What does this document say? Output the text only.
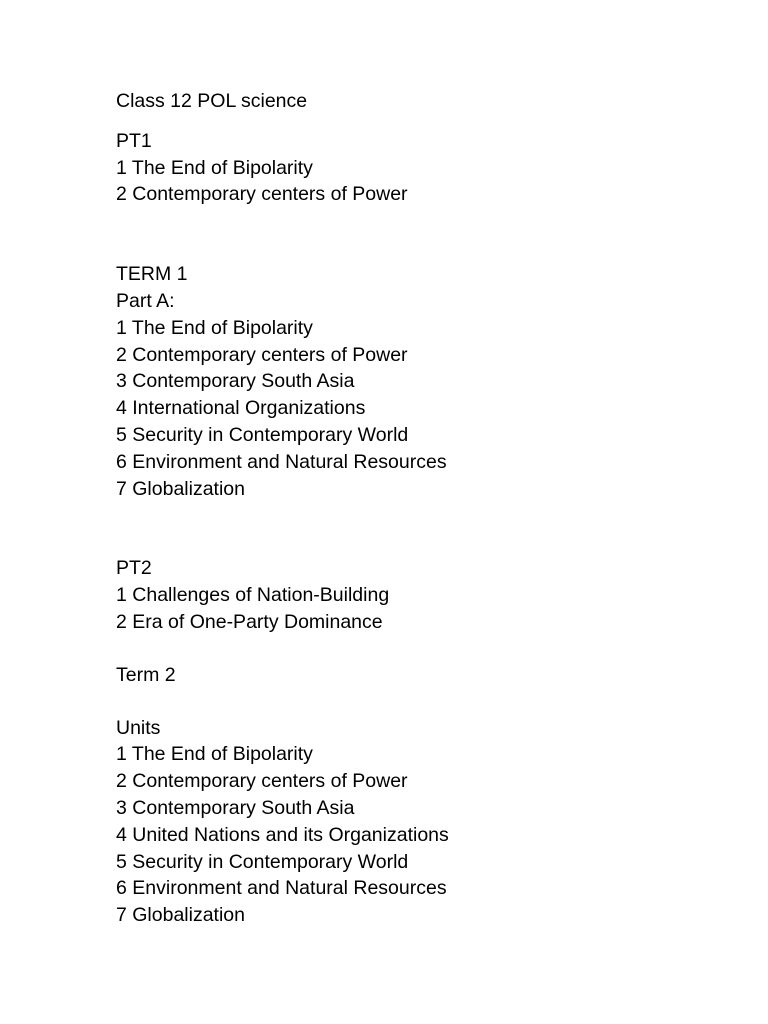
Class 12 POL science
PT1
1 The End of Bipolarity
2 Contemporary centers of Power
TERM 1
Part A:
1 The End of Bipolarity
2 Contemporary centers of Power
3 Contemporary South Asia
4 International Organizations
5 Security in Contemporary World
6 Environment and Natural Resources
7 Globalization
PT2
1 Challenges of Nation-Building
2 Era of One-Party Dominance
Term 2
Units
1 The End of Bipolarity
2 Contemporary centers of Power
3 Contemporary South Asia
4 United Nations and its Organizations
5 Security in Contemporary World
6 Environment and Natural Resources
7 Globalization
